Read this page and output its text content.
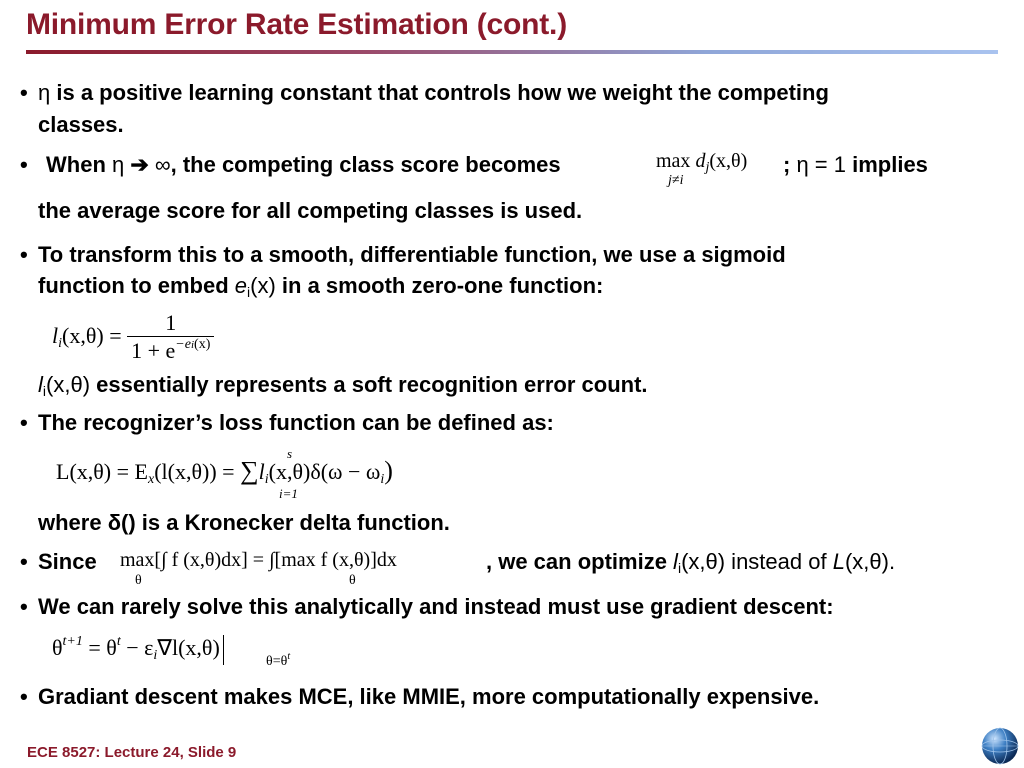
Minimum Error Rate Estimation (cont.)
• η is a positive learning constant that controls how we weight the competing
classes.
• When η ➔ ∞, the competing class score becomes	$\max d_j(x,\theta)$
j≠i
; η = 1 implies
the average score for all competing classes is used.
• To transform this to a smooth, differentiable function, we use a sigmoid
function to embed $e_i(x)$ in a smooth zero-one function:
$l_i(x,\theta) = \frac{1}{1 + e^{-ei(x)}}$
$l_i(x,\theta)$ essentially represents a soft recognition error count.
• The recognizer’s loss function can be defined as:
$L(x,\theta) = E_x(l(x,\theta)) = \sum l_i(x,\theta)\delta(\omega - \omega_i)$
s
i=1
where δ() is a Kronecker delta function.
• Since max[∫ f (x,θ)dx] = ∫[max f (x,θ)]dx
θ	θ
, we can optimize $l_i(x,\theta)$ instead of L(x,θ).
• We can rarely solve this analytically and instead must use gradient descent:
$\theta^{t+1} = \theta^t - \varepsilon_i\nabla l(x,\theta)$
$\theta=\theta^t$
• Gradiant descent makes MCE, like MMIE, more computationally expensive.
ECE 8527: Lecture 24, Slide 9
